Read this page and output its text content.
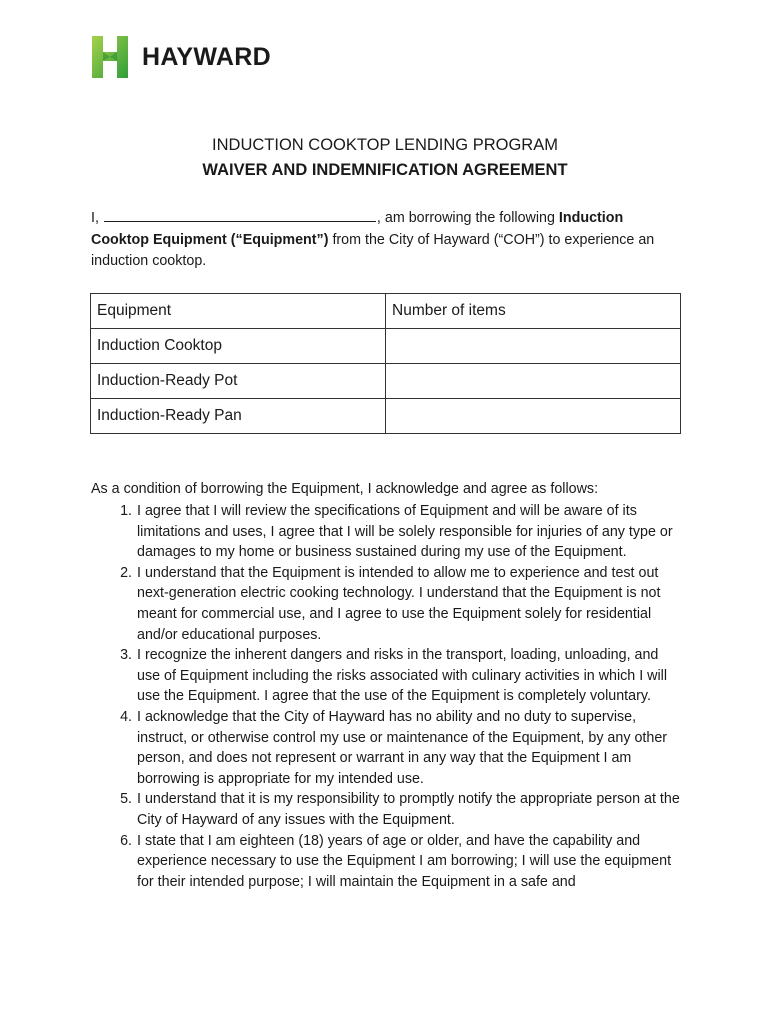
HAYWARD
INDUCTION COOKTOP LENDING PROGRAM
WAIVER AND INDEMNIFICATION AGREEMENT
I,	, am borrowing the following Induction Cooktop Equipment (“Equipment”) from the City of Hayward (“COH”) to experience an induction cooktop.
Equipment	Number of items
Induction Cooktop	
Induction-Ready Pot	
Induction-Ready Pan	
As a condition of borrowing the Equipment, I acknowledge and agree as follows:
1. I agree that I will review the specifications of Equipment and will be aware of its limitations and uses, I agree that I will be solely responsible for injuries of any type or damages to my home or business sustained during my use of the Equipment.
2. I understand that the Equipment is intended to allow me to experience and test out next-generation electric cooking technology. I understand that the Equipment is not meant for commercial use, and I agree to use the Equipment solely for residential and/or educational purposes.
3. I recognize the inherent dangers and risks in the transport, loading, unloading, and use of Equipment including the risks associated with culinary activities in which I will use the Equipment. I agree that the use of the Equipment is completely voluntary.
4. I acknowledge that the City of Hayward has no ability and no duty to supervise, instruct, or otherwise control my use or maintenance of the Equipment, by any other person, and does not represent or warrant in any way that the Equipment I am borrowing is appropriate for my intended use.
5. I understand that it is my responsibility to promptly notify the appropriate person at the City of Hayward of any issues with the Equipment.
6. I state that I am eighteen (18) years of age or older, and have the capability and experience necessary to use the Equipment I am borrowing; I will use the equipment for their intended purpose; I will maintain the Equipment in a safe and
